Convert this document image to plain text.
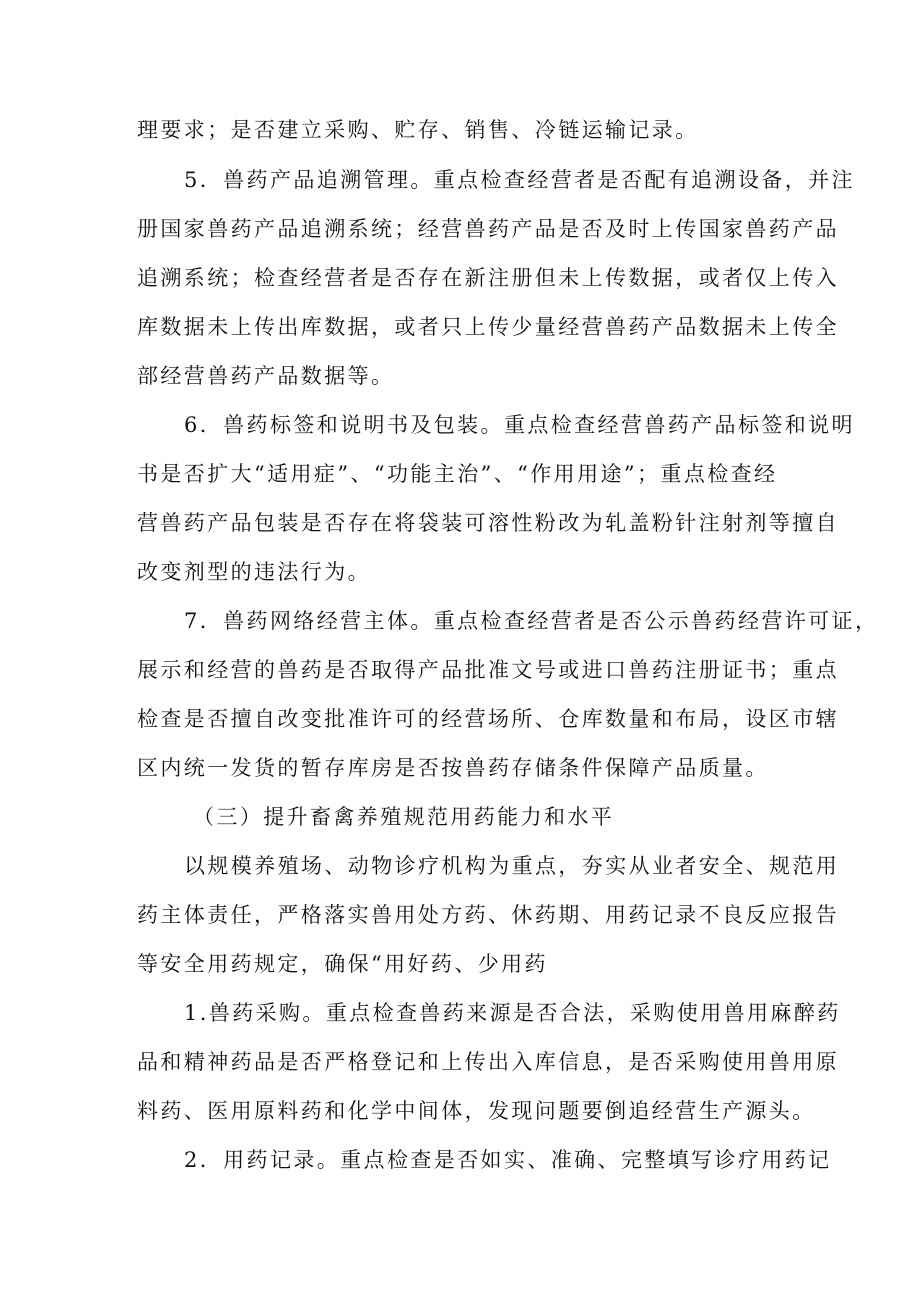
理要求；是否建立采购、贮存、销售、冷链运输记录。
5．兽药产品追溯管理。重点检查经营者是否配有追溯设备，并注
册国家兽药产品追溯系统；经营兽药产品是否及时上传国家兽药产品
追溯系统；检查经营者是否存在新注册但未上传数据，或者仅上传入
库数据未上传出库数据，或者只上传少量经营兽药产品数据未上传全
部经营兽药产品数据等。
6．兽药标签和说明书及包装。重点检查经营兽药产品标签和说明
书是否扩大“适用症”、“功能主治”、“作用用途”；重点检查经
营兽药产品包装是否存在将袋装可溶性粉改为轧盖粉针注射剂等擅自
改变剂型的违法行为。
7．兽药网络经营主体。重点检查经营者是否公示兽药经营许可证，
展示和经营的兽药是否取得产品批准文号或进口兽药注册证书；重点
检查是否擅自改变批准许可的经营场所、仓库数量和布局，设区市辖
区内统一发货的暂存库房是否按兽药存储条件保障产品质量。
（三）提升畜禽养殖规范用药能力和水平
以规模养殖场、动物诊疗机构为重点，夯实从业者安全、规范用
药主体责任，严格落实兽用处方药、休药期、用药记录不良反应报告
等安全用药规定，确保“用好药、少用药
1.兽药采购。重点检查兽药来源是否合法，采购使用兽用麻醉药
品和精神药品是否严格登记和上传出入库信息，是否采购使用兽用原
料药、医用原料药和化学中间体，发现问题要倒追经营生产源头。
2．用药记录。重点检查是否如实、准确、完整填写诊疗用药记
